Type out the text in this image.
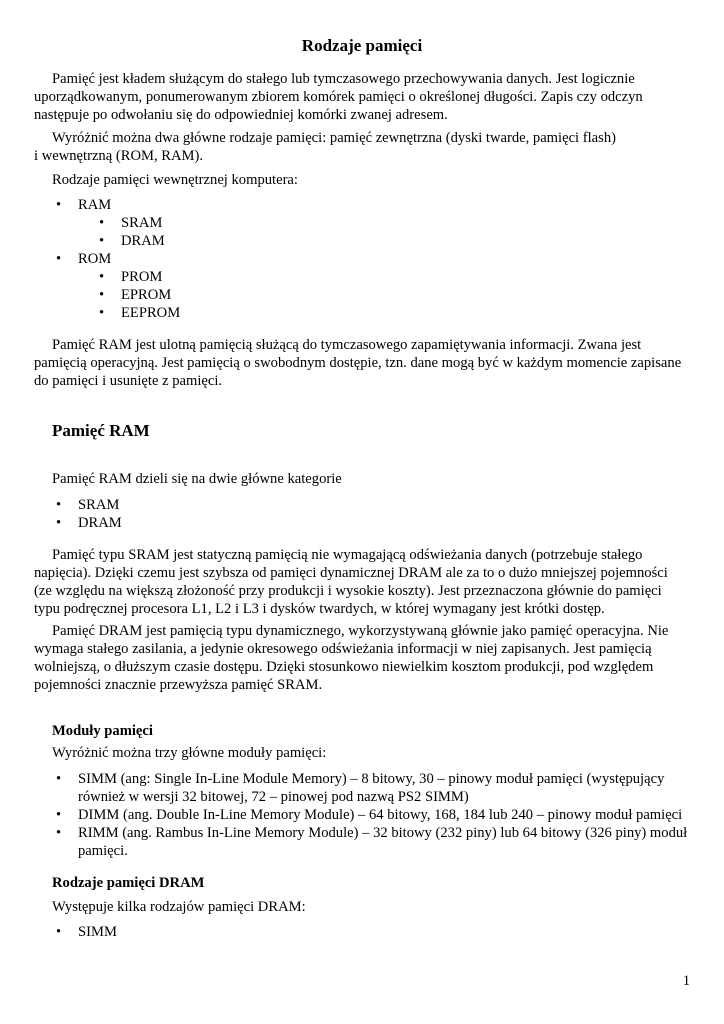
Rodzaje pamięci
Pamięć jest kładem służącym do stałego lub tymczasowego przechowywania danych. Jest logicznie
uporządkowanym, ponumerowanym zbiorem komórek pamięci o określonej długości. Zapis czy odczyn
następuje po odwołaniu się do odpowiedniej komórki zwanej adresem.
Wyróżnić można dwa główne rodzaje pamięci: pamięć zewnętrzna (dyski twarde, pamięci flash)
i wewnętrzną (ROM, RAM).
Rodzaje pamięci wewnętrznej komputera:
• RAM
• SRAM
• DRAM
• ROM
• PROM
• EPROM
• EEPROM
Pamięć RAM jest ulotną pamięcią służącą do tymczasowego zapamiętywania informacji. Zwana jest
pamięcią operacyjną. Jest pamięcią o swobodnym dostępie, tzn. dane mogą być w każdym momencie zapisane
do pamięci i usunięte z pamięci.
Pamięć RAM
Pamięć RAM dzieli się na dwie główne kategorie
• SRAM
• DRAM
Pamięć typu SRAM jest statyczną pamięcią nie wymagającą odświeżania danych (potrzebuje stałego
napięcia). Dzięki czemu jest szybsza od pamięci dynamicznej DRAM ale za to o dużo mniejszej pojemności
(ze względu na większą złożoność przy produkcji i wysokie koszty). Jest przeznaczona głównie do pamięci
typu podręcznej procesora L1, L2 i L3 i dysków twardych, w której wymagany jest krótki dostęp.
Pamięć DRAM jest pamięcią typu dynamicznego, wykorzystywaną głównie jako pamięć operacyjna. Nie
wymaga stałego zasilania, a jedynie okresowego odświeżania informacji w niej zapisanych. Jest pamięcią
wolniejszą, o dłuższym czasie dostępu. Dzięki stosunkowo niewielkim kosztom produkcji, pod względem
pojemności znacznie przewyższa pamięć SRAM.
Moduły pamięci
Wyróżnić można trzy główne moduły pamięci:
• SIMM (ang: Single In-Line Module Memory) – 8 bitowy, 30 – pinowy moduł pamięci (występujący
również w wersji 32 bitowej, 72 – pinowej pod nazwą PS2 SIMM)
• DIMM (ang. Double In-Line Memory Module) – 64 bitowy, 168, 184 lub 240 – pinowy moduł pamięci
• RIMM (ang. Rambus In-Line Memory Module) – 32 bitowy (232 piny) lub 64 bitowy (326 piny) moduł
pamięci.
Rodzaje pamięci DRAM
Występuje kilka rodzajów pamięci DRAM:
• SIMM
1
